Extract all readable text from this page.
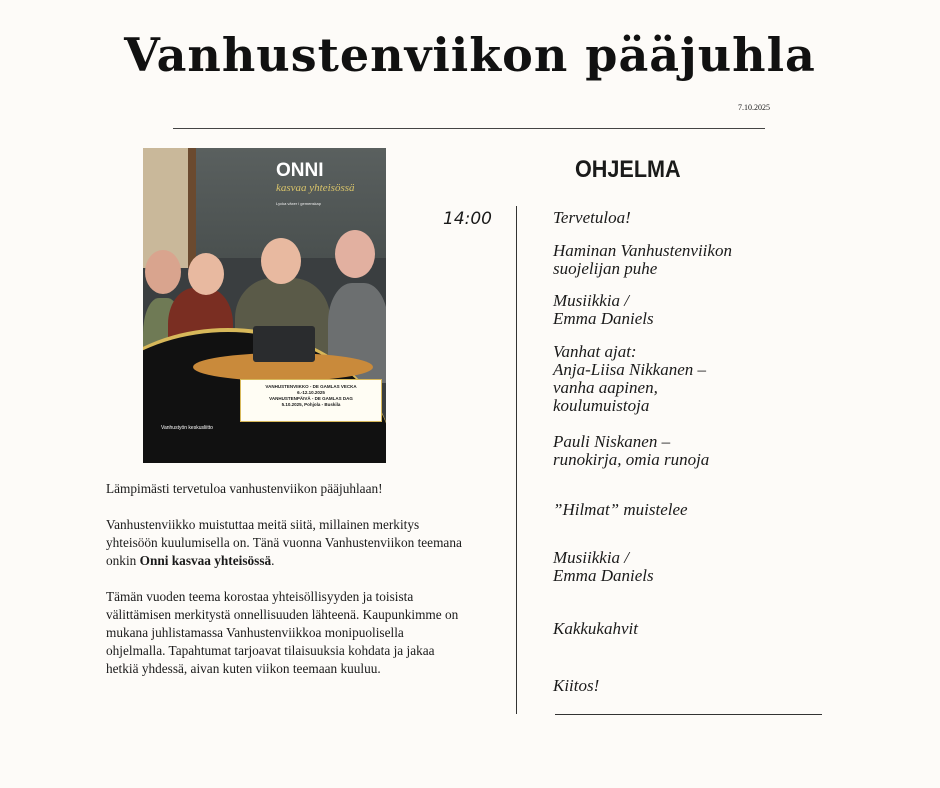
Vanhustenviikon pääjuhla
7.10.2025
ONNI
kasvaa yhteisössä
Lycka växer i gemenskap
VANHUSTENVIIKKO - DE GAMLAS VECKA
6.-12.10.2025
VANHUSTENPÄIVÄ - DE GAMLAS DAG
5.10.2025, Pohjola - Buskila
Vanhustyön keskusliitto

Lämpimästi tervetuloa vanhustenviikon pääjuhlaan!

Vanhustenviikko muistuttaa meitä siitä, millainen merkitys yhteisöön kuulumisella on. Tänä vuonna Vanhustenviikon teemana onkin Onni kasvaa yhteisössä.

Tämän vuoden teema korostaa yhteisöllisyyden ja toisista välittämisen merkitystä onnellisuuden lähteenä. Kaupunkimme on mukana juhlistamassa Vanhustenviikkoa monipuolisella ohjelmalla. Tapahtumat tarjoavat tilaisuuksia kohdata ja jakaa hetkiä yhdessä, aivan kuten viikon teemaan kuuluu.

OHJELMA
14:00	Tervetuloa!
Haminan Vanhustenviikon
suojelijan puhe
Musiikkia /
Emma Daniels
Vanhat ajat:
Anja-Liisa Nikkanen –
vanha aapinen,
koulumuistoja
Pauli Niskanen –
runokirja, omia runoja
”Hilmat” muistelee
Musiikkia /
Emma Daniels
Kakkukahvit
Kiitos!
